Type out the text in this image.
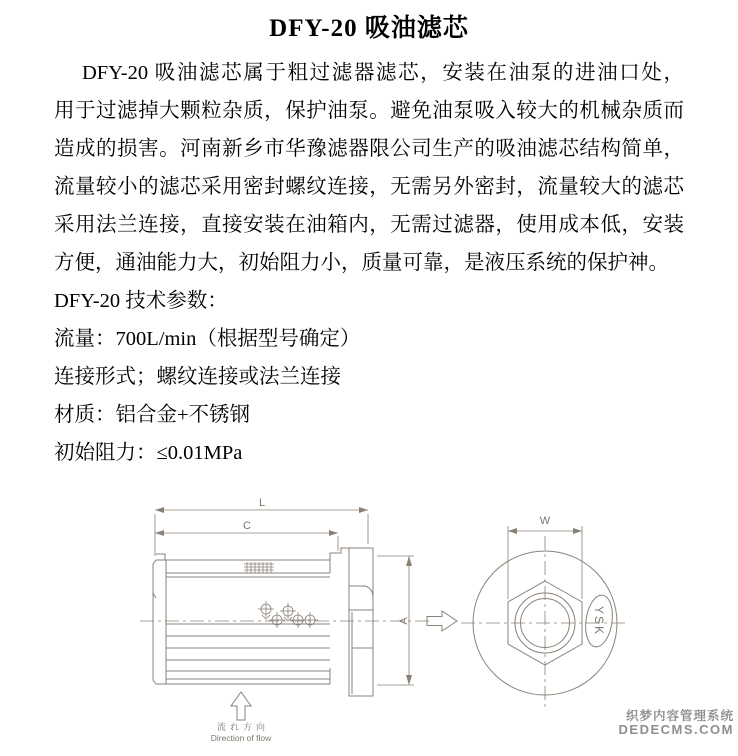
DFY-20 吸油滤芯
DFY-20 吸油滤芯属于粗过滤器滤芯，安装在油泵的进油口处，
用于过滤掉大颗粒杂质，保护油泵。避免油泵吸入较大的机械杂质而
造成的损害。河南新乡市华豫滤器限公司生产的吸油滤芯结构简单，
流量较小的滤芯采用密封螺纹连接，无需另外密封，流量较大的滤芯
采用法兰连接，直接安装在油箱内，无需过滤器，使用成本低，安装
方便，通油能力大，初始阻力小，质量可靠，是液压系统的保护神。
DFY-20 技术参数：
流量：700L/min（根据型号确定）
连接形式；螺纹连接或法兰连接
材质：铝合金+不锈钢
初始阻力：≤0.01MPa
L
C
A
流れ方向
Direction of flow
W
YSK
织梦内容管理系统
DEDECMS.COM
